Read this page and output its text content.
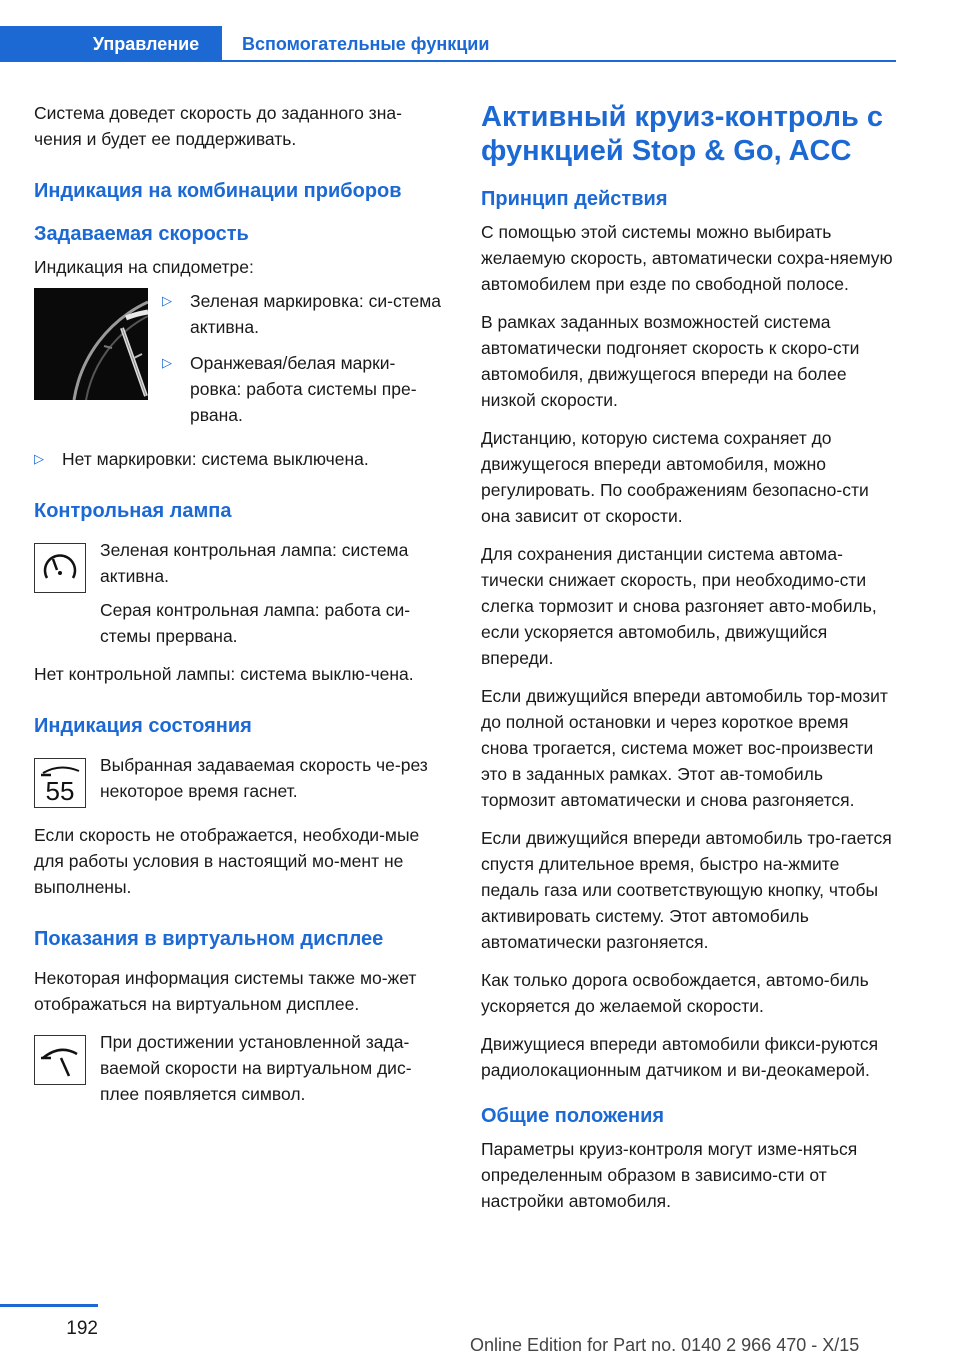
Управление	Вспомогательные функции

Система доведет скорость до заданного зна-чения и будет ее поддерживать.

Индикация на комбинации приборов
Задаваемая скорость

Индикация на спидометре:

▷	Зеленая маркировка: си-стема активна.
▷	Оранжевая/белая марки-ровка: работа системы пре-рвана.
▷	Нет маркировки: система выключена.
Контрольная лампа

Зеленая контрольная лампа: система активна.

Серая контрольная лампа: работа си-стемы прервана.

Нет контрольной лампы: система выклю-чена.

Индикация состояния
55

Выбранная задаваемая скорость че-рез некоторое время гаснет.

Если скорость не отображается, необходи-мые для работы условия в настоящий мо-мент не выполнены.

Показания в виртуальном дисплее

Некоторая информация системы также мо-жет отображаться на виртуальном дисплее.

При достижении установленной зада-ваемой скорости на виртуальном дис-плее появляется символ.

Активный круиз-контроль с функцией Stop & Go, ACC
Принцип действия

С помощью этой системы можно выбирать желаемую скорость, автоматически сохра-няемую автомобилем при езде по свободной полосе.

В рамках заданных возможностей система автоматически подгоняет скорость к скоро-сти автомобиля, движущегося впереди на более низкой скорости.

Дистанцию, которую система сохраняет до движущегося впереди автомобиля, можно регулировать. По соображениям безопасно-сти она зависит от скорости.

Для сохранения дистанции система автома-тически снижает скорость, при необходимо-сти слегка тормозит и снова разгоняет авто-мобиль, если ускоряется автомобиль, движущийся впереди.

Если движущийся впереди автомобиль тор-мозит до полной остановки и через короткое время снова трогается, система может вос-произвести это в заданных рамках. Этот ав-томобиль тормозит автоматически и снова разгоняется.

Если движущийся впереди автомобиль тро-гается спустя длительное время, быстро на-жмите педаль газа или соответствующую кнопку, чтобы активировать систему. Этот автомобиль автоматически разгоняется.

Как только дорога освобождается, автомо-биль ускоряется до желаемой скорости.

Движущиеся впереди автомобили фикси-руются радиолокационным датчиком и ви-деокамерой.

Общие положения

Параметры круиз-контроля могут изме-няться определенным образом в зависимо-сти от настройки автомобиля.

192
Online Edition for Part no. 0140 2 966 470 - X/15
